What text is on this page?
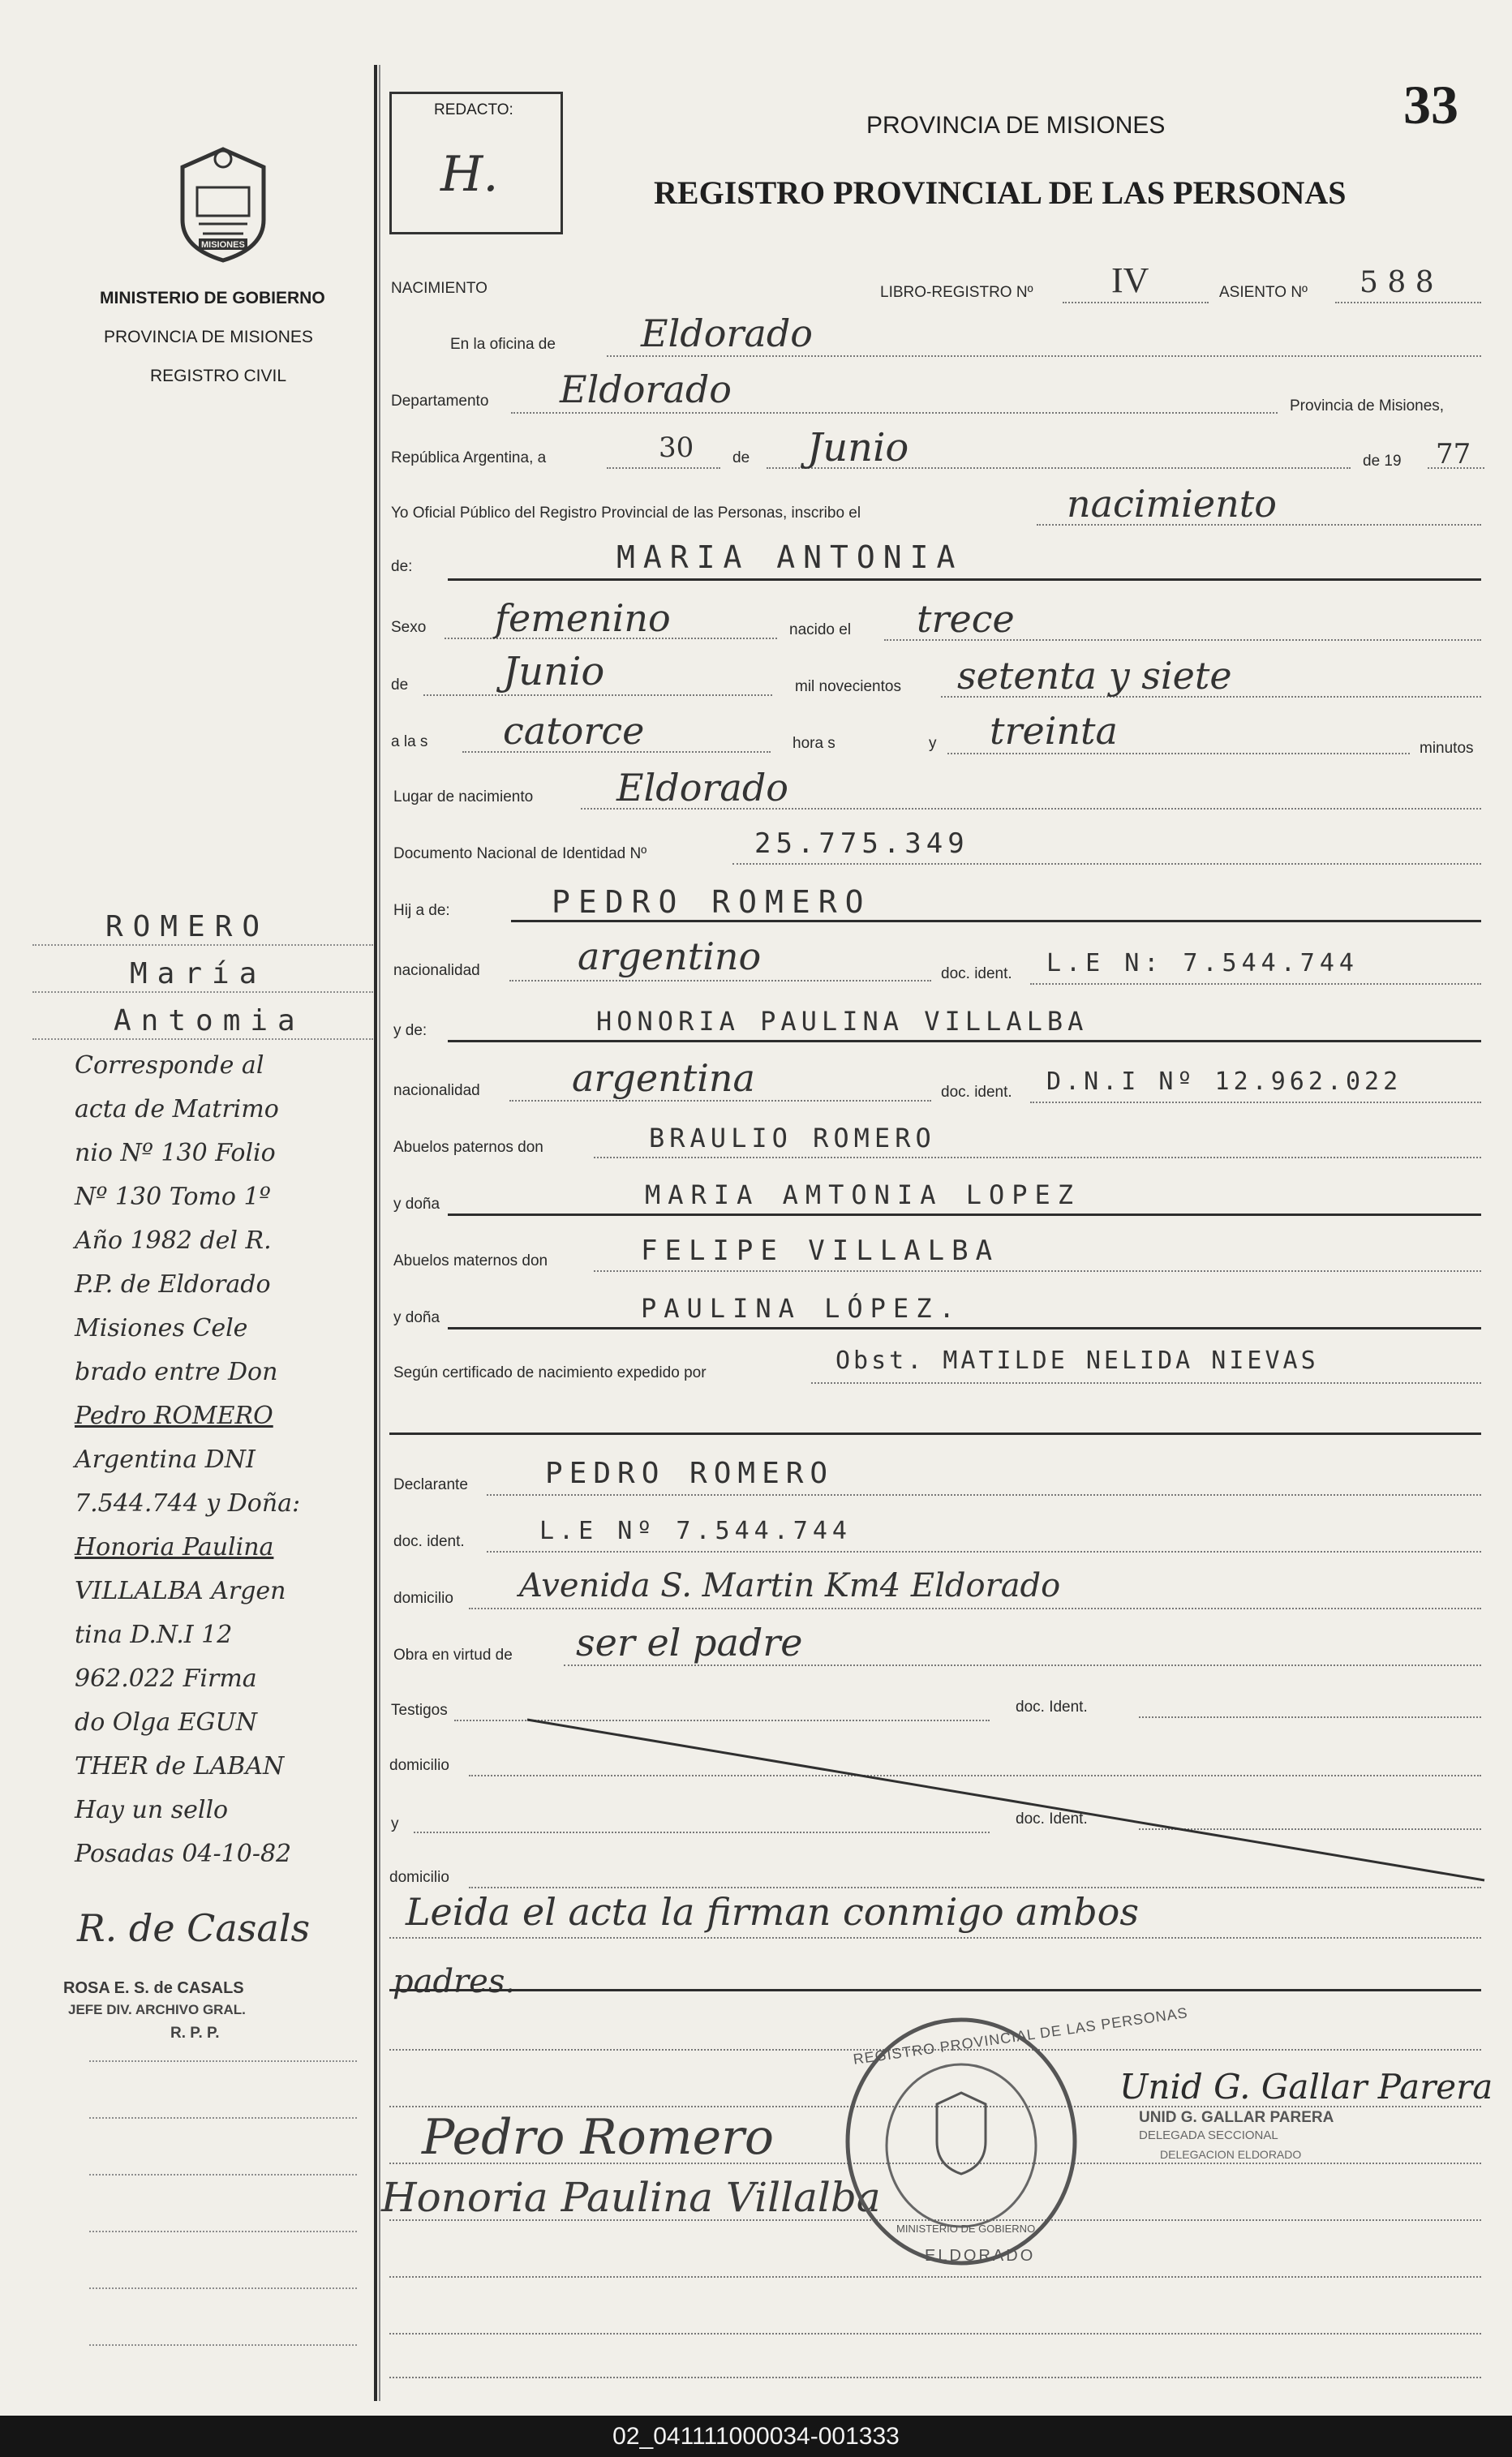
MISIONES
MINISTERIO DE GOBIERNO
PROVINCIA DE MISIONES
REGISTRO CIVIL
REDACTO:
H.
PROVINCIA DE MISIONES
REGISTRO PROVINCIAL DE LAS PERSONAS
33
NACIMIENTO	LIBRO-REGISTRO Nº IV	ASIENTO Nº 5 8 8
En la oficina de Eldorado
Departamento Eldorado	Provincia de Misiones,
República Argentina, a	30	de Junio	de 19 77
Yo Oficial Público del Registro Provincial de las Personas, inscribo el	nacimiento
de:	MARIA ANTONIA
Sexo femenino	nacido el trece
de Junio	mil novecientos setenta y siete
a la s catorce	hora s	y treinta	minutos
Lugar de nacimiento Eldorado
Documento Nacional de Identidad Nº	25.775.349
Hij a de:	PEDRO ROMERO
nacionalidad	argentino	doc. ident. L.E N: 7.544.744
y de:	HONORIA PAULINA VILLALBA
nacionalidad argentina	doc. ident. D.N.I Nº 12.962.022
Abuelos paternos don	BRAULIO ROMERO
y doña	MARIA AMTONIA LOPEZ
Abuelos maternos don	FELIPE VILLALBA
y doña	PAULINA LÓPEZ.
Según certificado de nacimiento expedido por	Obst. MATILDE NELIDA NIEVAS
Declarante	PEDRO ROMERO
doc. ident.	L.E Nº 7.544.744
domicilio Avenida S. Martin Km4 Eldorado
Obra en virtud de ser el padre
Testigos	doc. Ident.
domicilio
y	doc. Ident.
domicilio
Leida el acta la firman conmigo ambos
padres.
Pedro Romero
Honoria Paulina Villalba
REGISTRO PROVINCIAL DE LAS PERSONAS
MINISTERIO DE GOBIERNO
ELDORADO
Unid G. Gallar Parera
UNID G. GALLAR PARERA
DELEGADA SECCIONAL
DELEGACION ELDORADO
ROMERO
María
Antomia
Corresponde al
acta de Matrimo
nio Nº 130 Folio
Nº 130 Tomo 1º
Año 1982 del R.
P.P. de Eldorado
Misiones Cele
brado entre Don
Pedro ROMERO
Argentina DNI
7.544.744 y Doña:
Honoria Paulina
VILLALBA Argen
tina D.N.I 12
962.022 Firma
do Olga EGUN
THER de LABAN
Hay un sello
Posadas 04-10-82
R. de Casals
ROSA E. S. de CASALS
JEFE DIV. ARCHIVO GRAL.
R. P. P.
02_041111000034-001333
